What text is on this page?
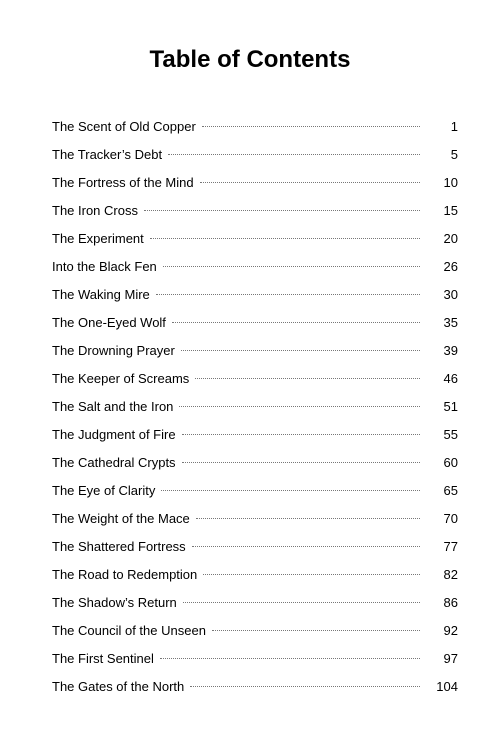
Table of Contents
The Scent of Old Copper	1
The Tracker’s Debt	5
The Fortress of the Mind	10
The Iron Cross	15
The Experiment	20
Into the Black Fen	26
The Waking Mire	30
The One-Eyed Wolf	35
The Drowning Prayer	39
The Keeper of Screams	46
The Salt and the Iron	51
The Judgment of Fire	55
The Cathedral Crypts	60
The Eye of Clarity	65
The Weight of the Mace	70
The Shattered Fortress	77
The Road to Redemption	82
The Shadow’s Return	86
The Council of the Unseen	92
The First Sentinel	97
The Gates of the North	104
